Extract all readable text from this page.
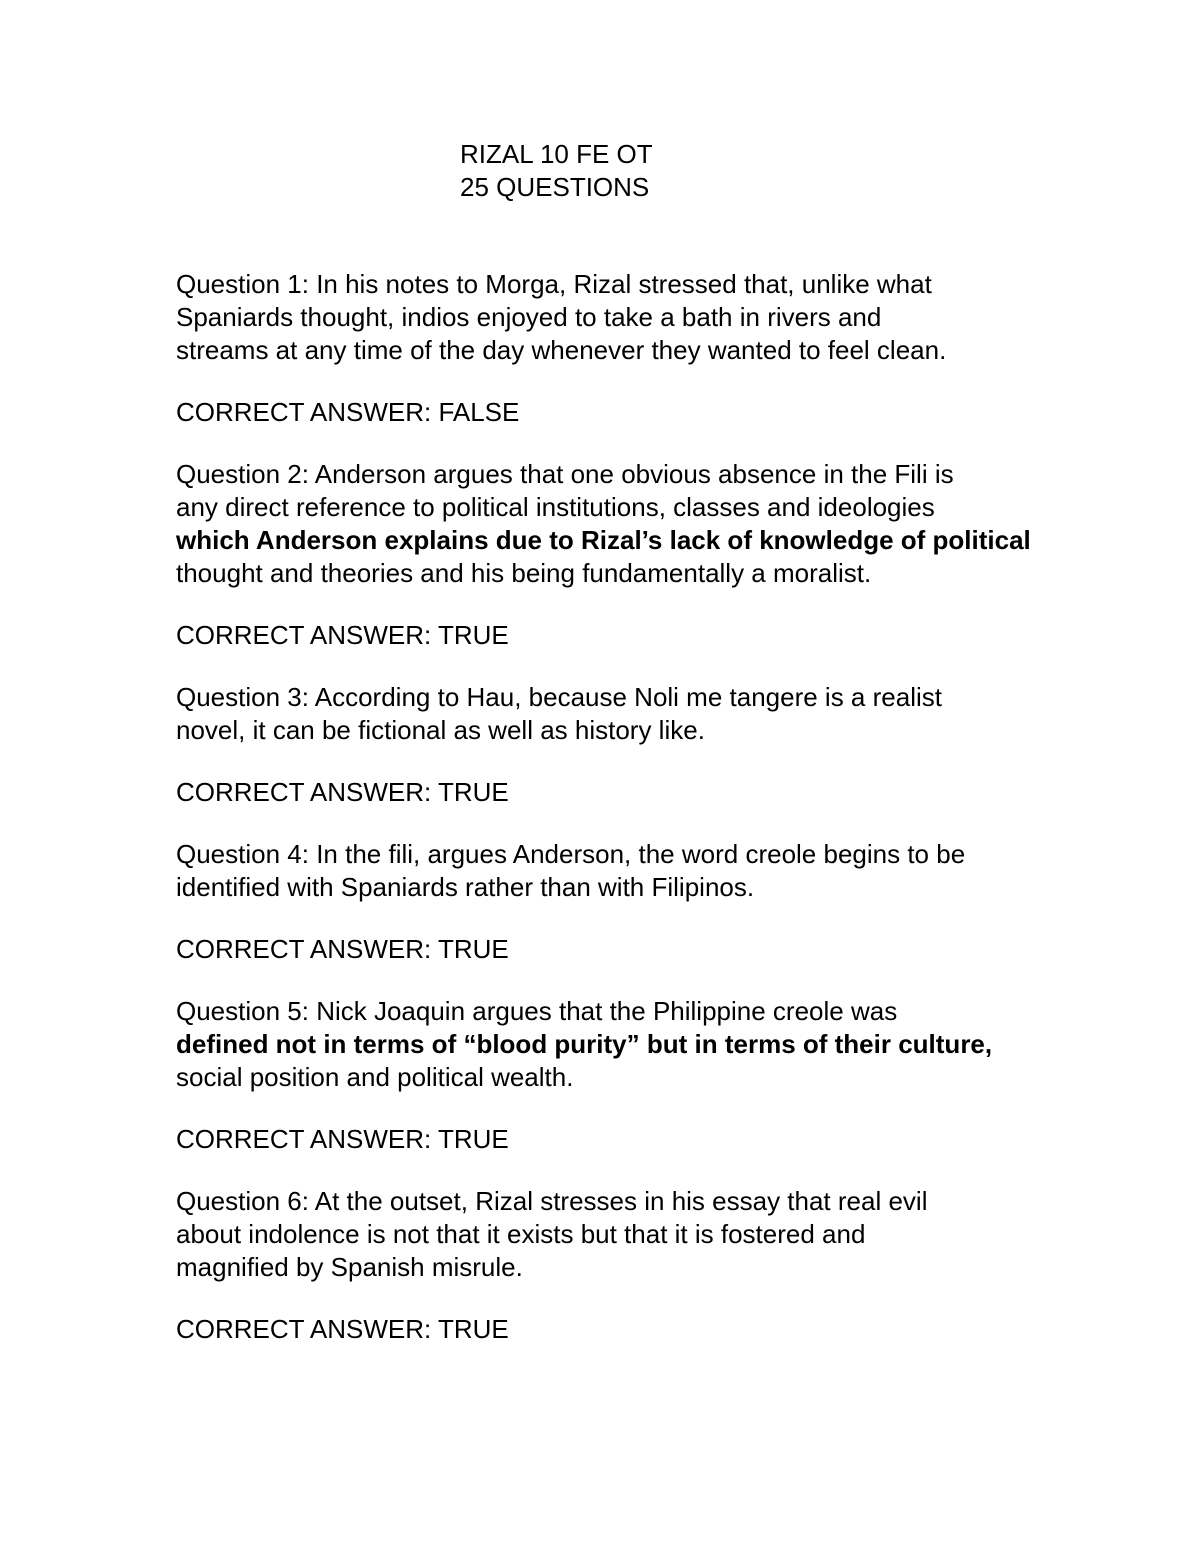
RIZAL 10 FE OT
25 QUESTIONS
Question 1: In his notes to Morga, Rizal stressed that, unlike what
Spaniards thought, indios enjoyed to take a bath in rivers and
streams at any time of the day whenever they wanted to feel clean.
CORRECT ANSWER: FALSE
Question 2: Anderson argues that one obvious absence in the Fili is
any direct reference to political institutions, classes and ideologies
which Anderson explains due to Rizal’s lack of knowledge of political
thought and theories and his being fundamentally a moralist.
CORRECT ANSWER: TRUE
Question 3: According to Hau, because Noli me tangere is a realist
novel, it can be fictional as well as history like.
CORRECT ANSWER: TRUE
Question 4: In the fili, argues Anderson, the word creole begins to be
identified with Spaniards rather than with Filipinos.
CORRECT ANSWER: TRUE
Question 5: Nick Joaquin argues that the Philippine creole was
defined not in terms of “blood purity” but in terms of their culture,
social position and political wealth.
CORRECT ANSWER: TRUE
Question 6: At the outset, Rizal stresses in his essay that real evil
about indolence is not that it exists but that it is fostered and
magnified by Spanish misrule.
CORRECT ANSWER: TRUE
